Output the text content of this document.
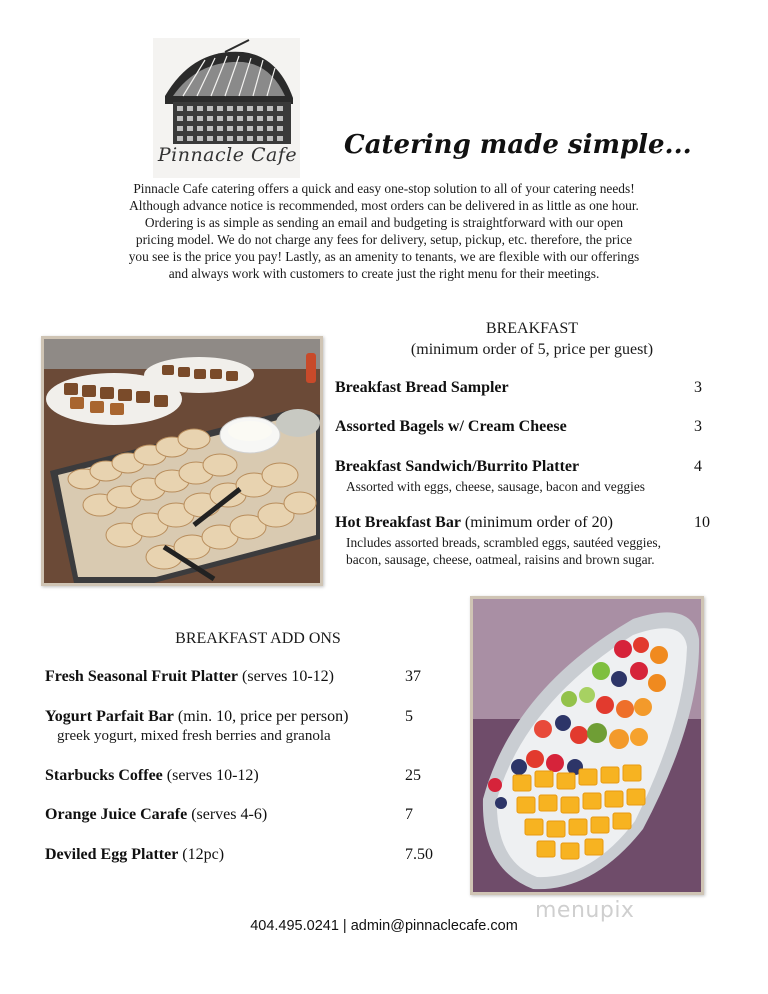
Pinnacle Cafe Catering made simple...
Pinnacle Cafe catering offers a quick and easy one-stop solution to all of your catering needs! Although advance notice is recommended, most orders can be delivered in as little as one hour. Ordering is as simple as sending an email and budgeting is straightforward with our open pricing model. We do not charge any fees for delivery, setup, pickup, etc. therefore, the price you see is the price you pay! Lastly, as an amenity to tenants, we are flexible with our offerings and always work with customers to create just the right menu for their meetings.
BREAKFAST
(minimum order of 5, price per guest)
Breakfast Bread Sampler	3
Assorted Bagels w/ Cream Cheese	3
Breakfast Sandwich/Burrito Platter	4
Assorted with eggs, cheese, sausage, bacon and veggies
Hot Breakfast Bar (minimum order of 20)	10
Includes assorted breads, scrambled eggs, sautéed veggies, bacon, sausage, cheese, oatmeal, raisins and brown sugar.
BREAKFAST ADD ONS
Fresh Seasonal Fruit Platter (serves 10-12)	37
Yogurt Parfait Bar (min. 10, price per person)	5
greek yogurt, mixed fresh berries and granola
Starbucks Coffee (serves 10-12)	25
Orange Juice Carafe (serves 4-6)	7
Deviled Egg Platter (12pc)	7.50
404.495.0241 | admin@pinnaclecafe.com
menupix
